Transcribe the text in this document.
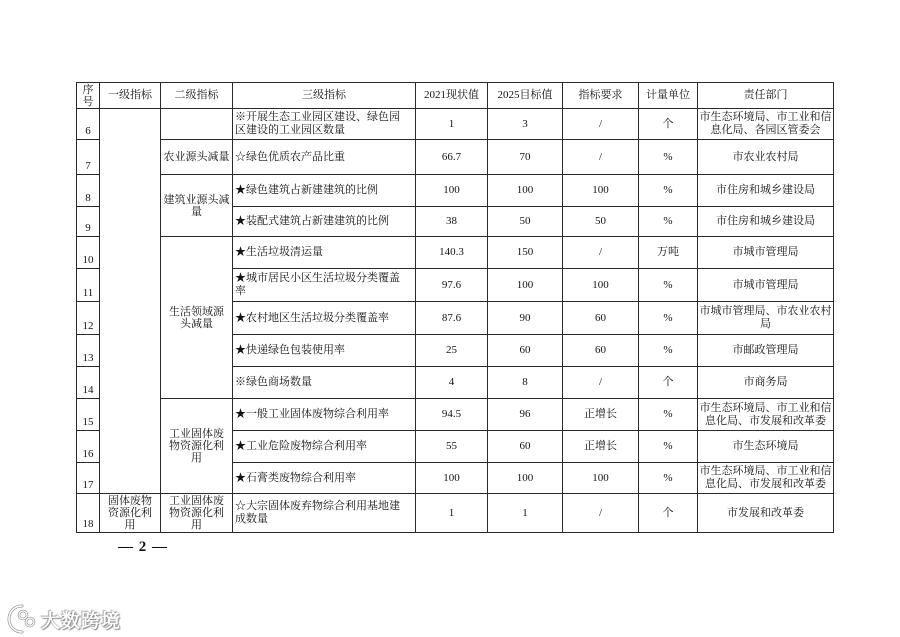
序号	一级指标	二级指标	三级指标	2021现状值	2025目标值	指标要求	计量单位	责任部门
6			※开展生态工业园区建设、绿色园区建设的工业园区数量	1	3	/	个	市生态环境局、市工业和信息化局、各园区管委会
7		农业源头减量	☆绿色优质农产品比重	66.7	70	/	%	市农业农村局
8		建筑业源头减量	★绿色建筑占新建建筑的比例	100	100	100	%	市住房和城乡建设局
9			★装配式建筑占新建建筑的比例	38	50	50	%	市住房和城乡建设局
10		生活领域源头减量	★生活垃圾清运量	140.3	150	/	万吨	市城市管理局
11			★城市居民小区生活垃圾分类覆盖率	97.6	100	100	%	市城市管理局
12			★农村地区生活垃圾分类覆盖率	87.6	90	60	%	市城市管理局、市农业农村局
13			★快递绿色包装使用率	25	60	60	%	市邮政管理局
14			※绿色商场数量	4	8	/	个	市商务局
15		工业固体废物资源化利用	★一般工业固体废物综合利用率	94.5	96	正增长	%	市生态环境局、市工业和信息化局、市发展和改革委
16			★工业危险废物综合利用率	55	60	正增长	%	市生态环境局
17			★石膏类废物综合利用率	100	100	100	%	市生态环境局、市工业和信息化局、市发展和改革委
18	固体废物资源化利用	工业固体废物资源化利用	☆大宗固体废弃物综合利用基地建成数量	1	1	/	个	市发展和改革委
— 2 —
大数跨境
